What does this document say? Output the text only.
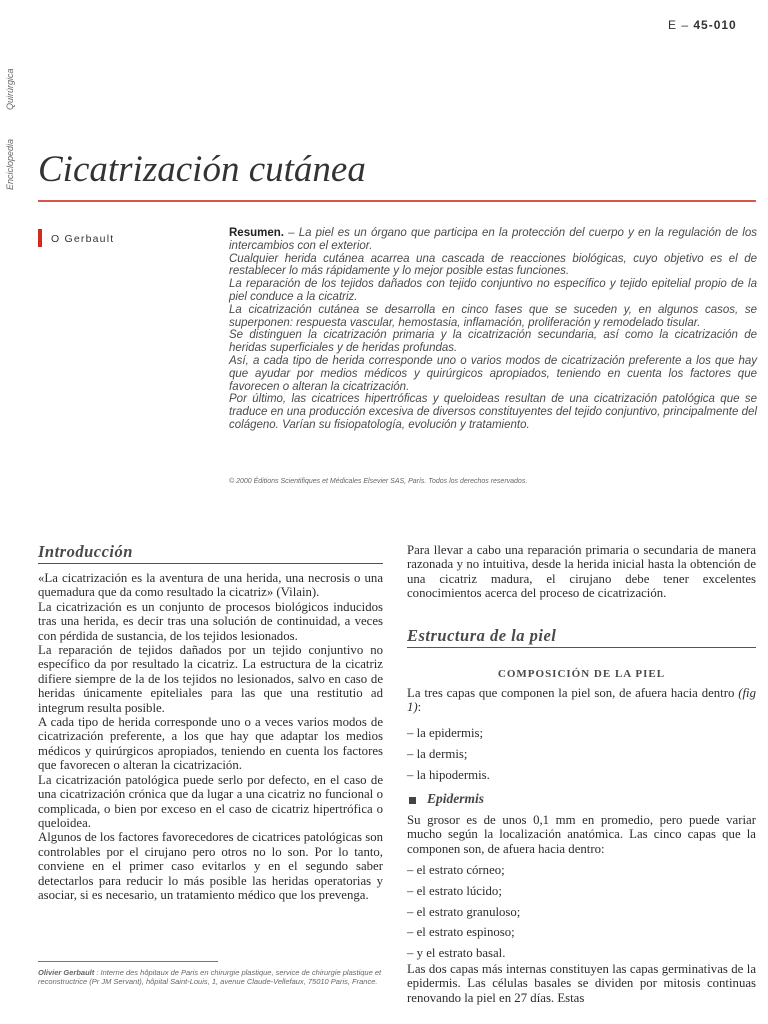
E – 45-010
Quirúrgica
Enciclopedia Cicatrización cutánea
O Gerbault	Resumen. – La piel es un órgano que participa en la protección del cuerpo y en la regulación de los intercambios con el exterior.

Cualquier herida cutánea acarrea una cascada de reacciones biológicas, cuyo objetivo es el de restablecer lo más rápidamente y lo mejor posible estas funciones.

La reparación de los tejidos dañados con tejido conjuntivo no específico y tejido epitelial propio de la piel conduce a la cicatriz.

La cicatrización cutánea se desarrolla en cinco fases que se suceden y, en algunos casos, se superponen: respuesta vascular, hemostasia, inflamación, proliferación y remodelado tisular.

Se distinguen la cicatrización primaria y la cicatrización secundaria, así como la cicatrización de heridas superficiales y de heridas profundas.

Así, a cada tipo de herida corresponde uno o varios modos de cicatrización preferente a los que hay que ayudar por medios médicos y quirúrgicos apropiados, teniendo en cuenta los factores que favorecen o alteran la cicatrización.

Por último, las cicatrices hipertróficas y queloideas resultan de una cicatrización patológica que se traduce en una producción excesiva de diversos constituyentes del tejido conjuntivo, principalmente del colágeno. Varían su fisiopatología, evolución y tratamiento.

© 2000 Éditions Scientifiques et Médicales Elsevier SAS, París. Todos los derechos reservados.
Introducción

«La cicatrización es la aventura de una herida, una necrosis o una quemadura que da como resultado la cicatriz» (Vilain).

La cicatrización es un conjunto de procesos biológicos inducidos tras una herida, es decir tras una solución de continuidad, a veces con pérdida de sustancia, de los tejidos lesionados.

La reparación de tejidos dañados por un tejido conjuntivo no específico da por resultado la cicatriz. La estructura de la cicatriz difiere siempre de la de los tejidos no lesionados, salvo en caso de heridas únicamente epiteliales para las que una restitutio ad integrum resulta posible.

A cada tipo de herida corresponde uno o a veces varios modos de cicatrización preferente, a los que hay que adaptar los medios médicos y quirúrgicos apropiados, teniendo en cuenta los factores que favorecen o alteran la cicatrización.

La cicatrización patológica puede serlo por defecto, en el caso de una cicatrización crónica que da lugar a una cicatriz no funcional o complicada, o bien por exceso en el caso de cicatriz hipertrófica o queloidea.

Algunos de los factores favorecedores de cicatrices patológicas son controlables por el cirujano pero otros no lo son. Por lo tanto, conviene en el primer caso evitarlos y en el segundo saber detectarlos para reducir lo más posible las heridas operatorias y asociar, si es necesario, un tratamiento médico que los prevenga.

Para llevar a cabo una reparación primaria o secundaria de manera razonada y no intuitiva, desde la herida inicial hasta la obtención de una cicatriz madura, el cirujano debe tener excelentes conocimientos acerca del proceso de cicatrización.
Estructura de la piel
COMPOSICIÓN DE LA PIEL
La tres capas que componen la piel son, de afuera hacia dentro (fig 1):
– la epidermis;
– la dermis;
– la hipodermis.
Epidermis
Su grosor es de unos 0,1 mm en promedio, pero puede variar mucho según la localización anatómica. Las cinco capas que la componen son, de afuera hacia dentro:
– el estrato córneo;
– el estrato lúcido;
– el estrato granuloso;
– el estrato espinoso;
– y el estrato basal.
Las dos capas más internas constituyen las capas germinativas de la epidermis. Las células basales se dividen por mitosis continuas renovando la piel en 27 días. Estas
Olivier Gerbault : Interne des hôpitaux de Paris en chirurgie plastique, service de chirurgie plastique et reconstructrice (Pr JM Servant), hôpital Saint-Louis, 1, avenue Claude-Vellefaux, 75010 Paris, France.
